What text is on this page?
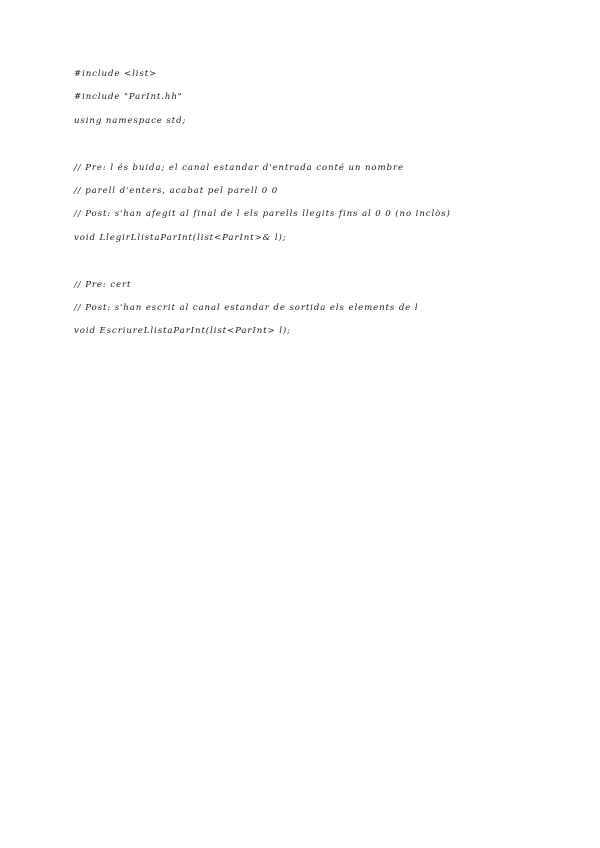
#include <list>
#include "ParInt.hh"
using namespace std;
// Pre: l és buida; el canal estandar d'entrada conté un nombre
// parell d'enters, acabat pel parell 0 0
// Post: s'han afegit al final de l els parells llegits fins al 0 0 (no inclòs)
void LlegirLlistaParInt(list<ParInt>& l);
// Pre: cert
// Post: s'han escrit al canal estandar de sortida els elements de l
void EscriureLlistaParInt(list<ParInt> l);
